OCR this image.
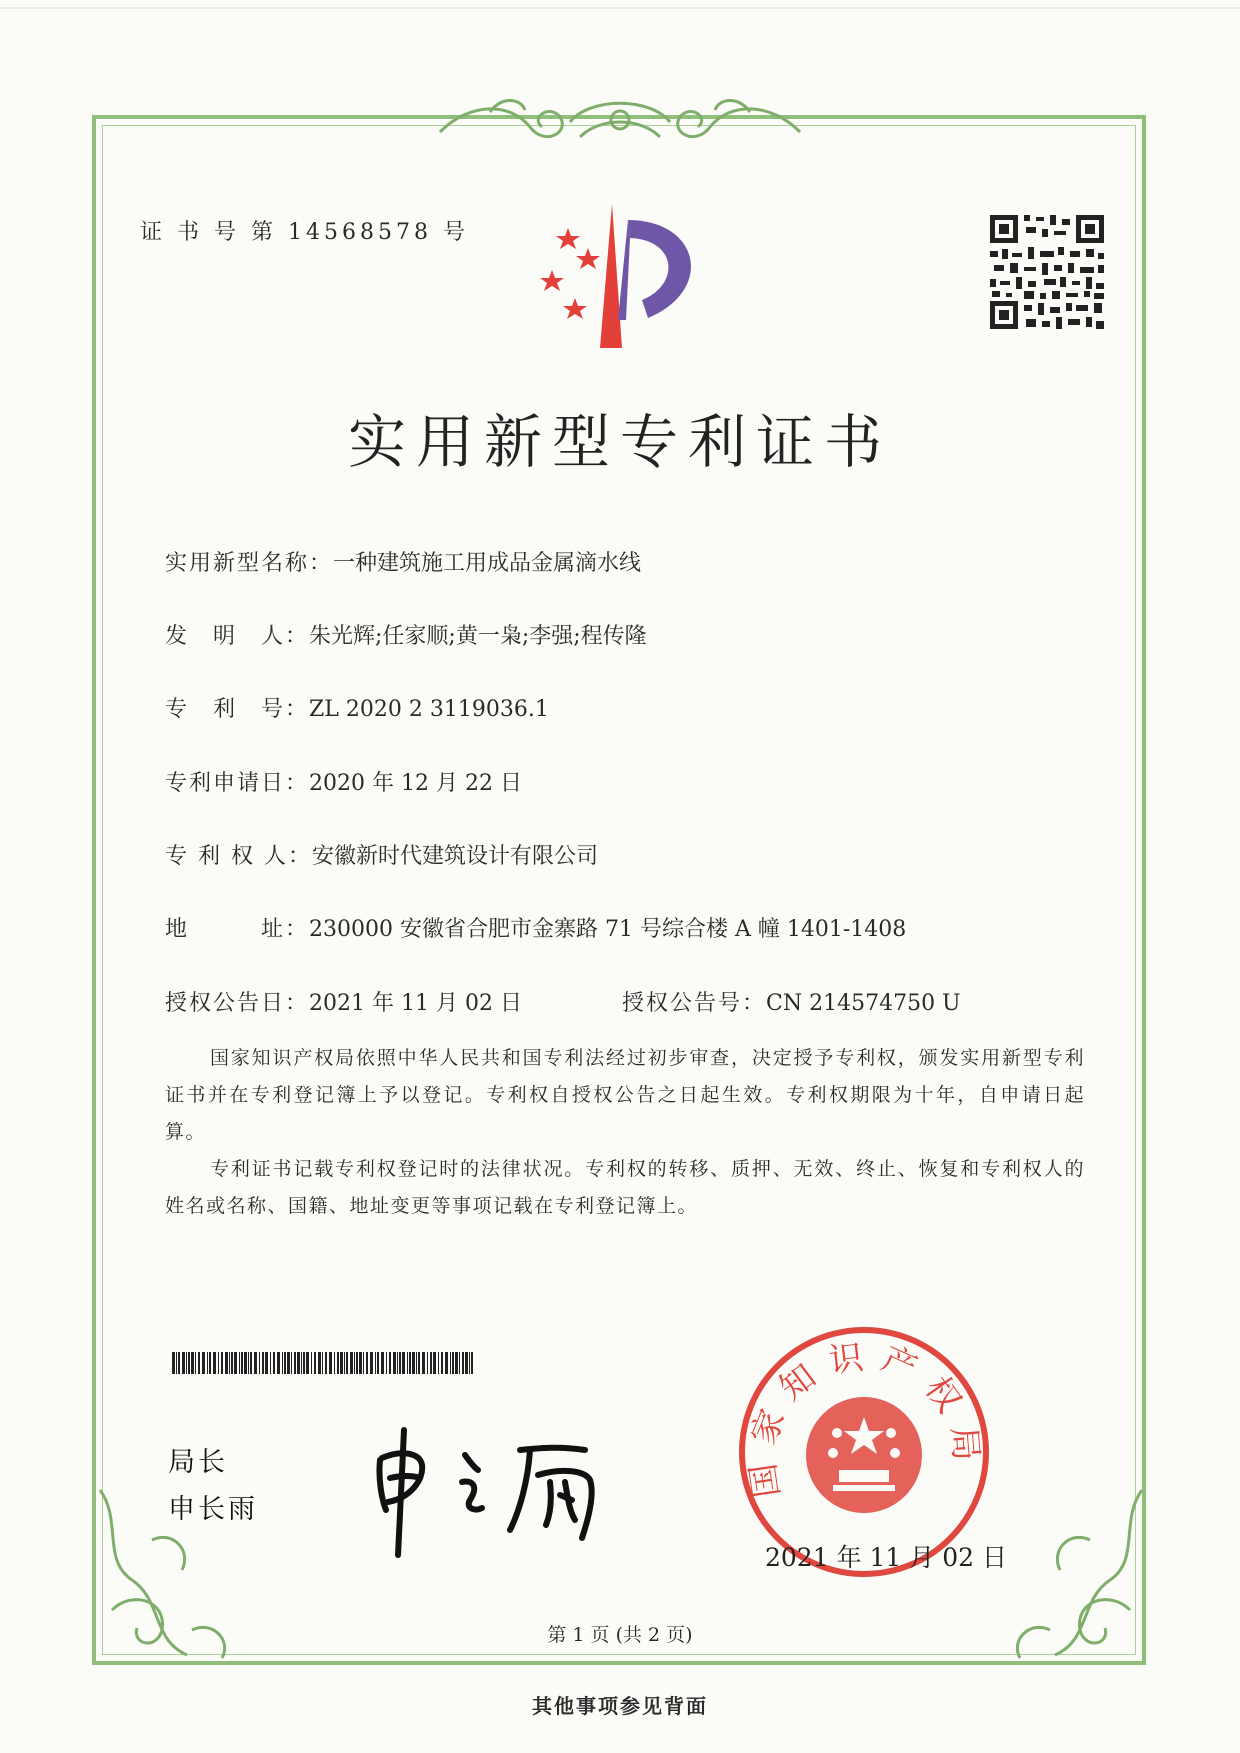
证 书 号 第 14568578 号
实用新型专利证书
实用新型名称：一种建筑施工用成品金属滴水线
发　明　人：朱光辉;任家顺;黄一枭;李强;程传隆
专　利　号：ZL 2020 2 3119036.1
专利申请日：2020 年 12 月 22 日
专 利 权 人：安徽新时代建筑设计有限公司
地　　　址：230000 安徽省合肥市金寨路 71 号综合楼 A 幢 1401-1408
授权公告日：2021 年 11 月 02 日	授权公告号：CN 214574750 U
国家知识产权局依照中华人民共和国专利法经过初步审查，决定授予专利权，颁发实用新型专利证书并在专利登记簿上予以登记。专利权自授权公告之日起生效。专利权期限为十年，自申请日起算。
专利证书记载专利权登记时的法律状况。专利权的转移、质押、无效、终止、恢复和专利权人的姓名或名称、国籍、地址变更等事项记载在专利登记簿上。
局长
申长雨
国家知识产权局
2021 年 11 月 02 日
第 1 页 (共 2 页)
其他事项参见背面
